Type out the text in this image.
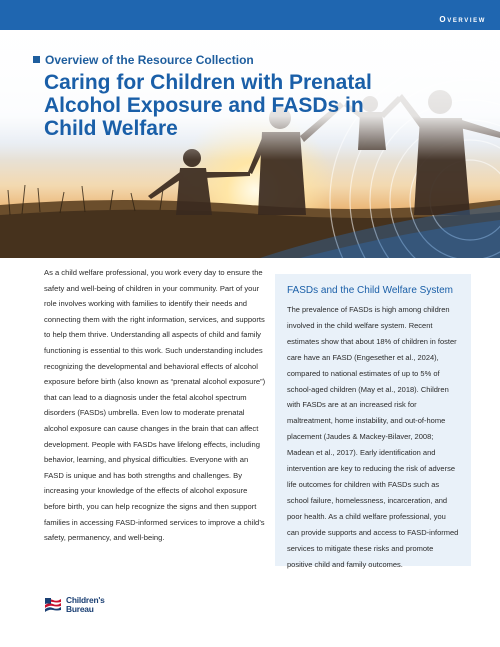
Overview
Overview of the Resource Collection
Caring for Children with Prenatal Alcohol Exposure and FASDs in Child Welfare

As a child welfare professional, you work every day to ensure the safety and well-being of children in your community. Part of your role involves working with families to identify their needs and connecting them with the right information, services, and supports to help them thrive. Understanding all aspects of child and family functioning is essential to this work. Such understanding includes recognizing the developmental and behavioral effects of alcohol exposure before birth (also known as “prenatal alcohol exposure”) that can lead to a diagnosis under the fetal alcohol spectrum disorders (FASDs) umbrella. Even low to moderate prenatal alcohol exposure can cause changes in the brain that can affect development. People with FASDs have lifelong effects, including behavior, learning, and physical difficulties. Everyone with an FASD is unique and has both strengths and challenges. By increasing your knowledge of the effects of alcohol exposure before birth, you can help recognize the signs and then support families in accessing FASD-informed services to improve a child’s safety, permanency, and well-being.

FASDs and the Child Welfare System

The prevalence of FASDs is high among children involved in the child welfare system. Recent estimates show that about 18% of children in foster care have an FASD (Engesether et al., 2024), compared to national estimates of up to 5% of school-aged children (May et al., 2018). Children with FASDs are at an increased risk for maltreatment, home instability, and out-of-home placement (Jaudes & Mackey-Bilaver, 2008; Madean et al., 2017). Early identification and intervention are key to reducing the risk of adverse life outcomes for children with FASDs such as school failure, homelessness, incarceration, and poor health. As a child welfare professional, you can provide supports and access to FASD-informed services to mitigate these risks and promote positive child and family outcomes.

Children's
Bureau
